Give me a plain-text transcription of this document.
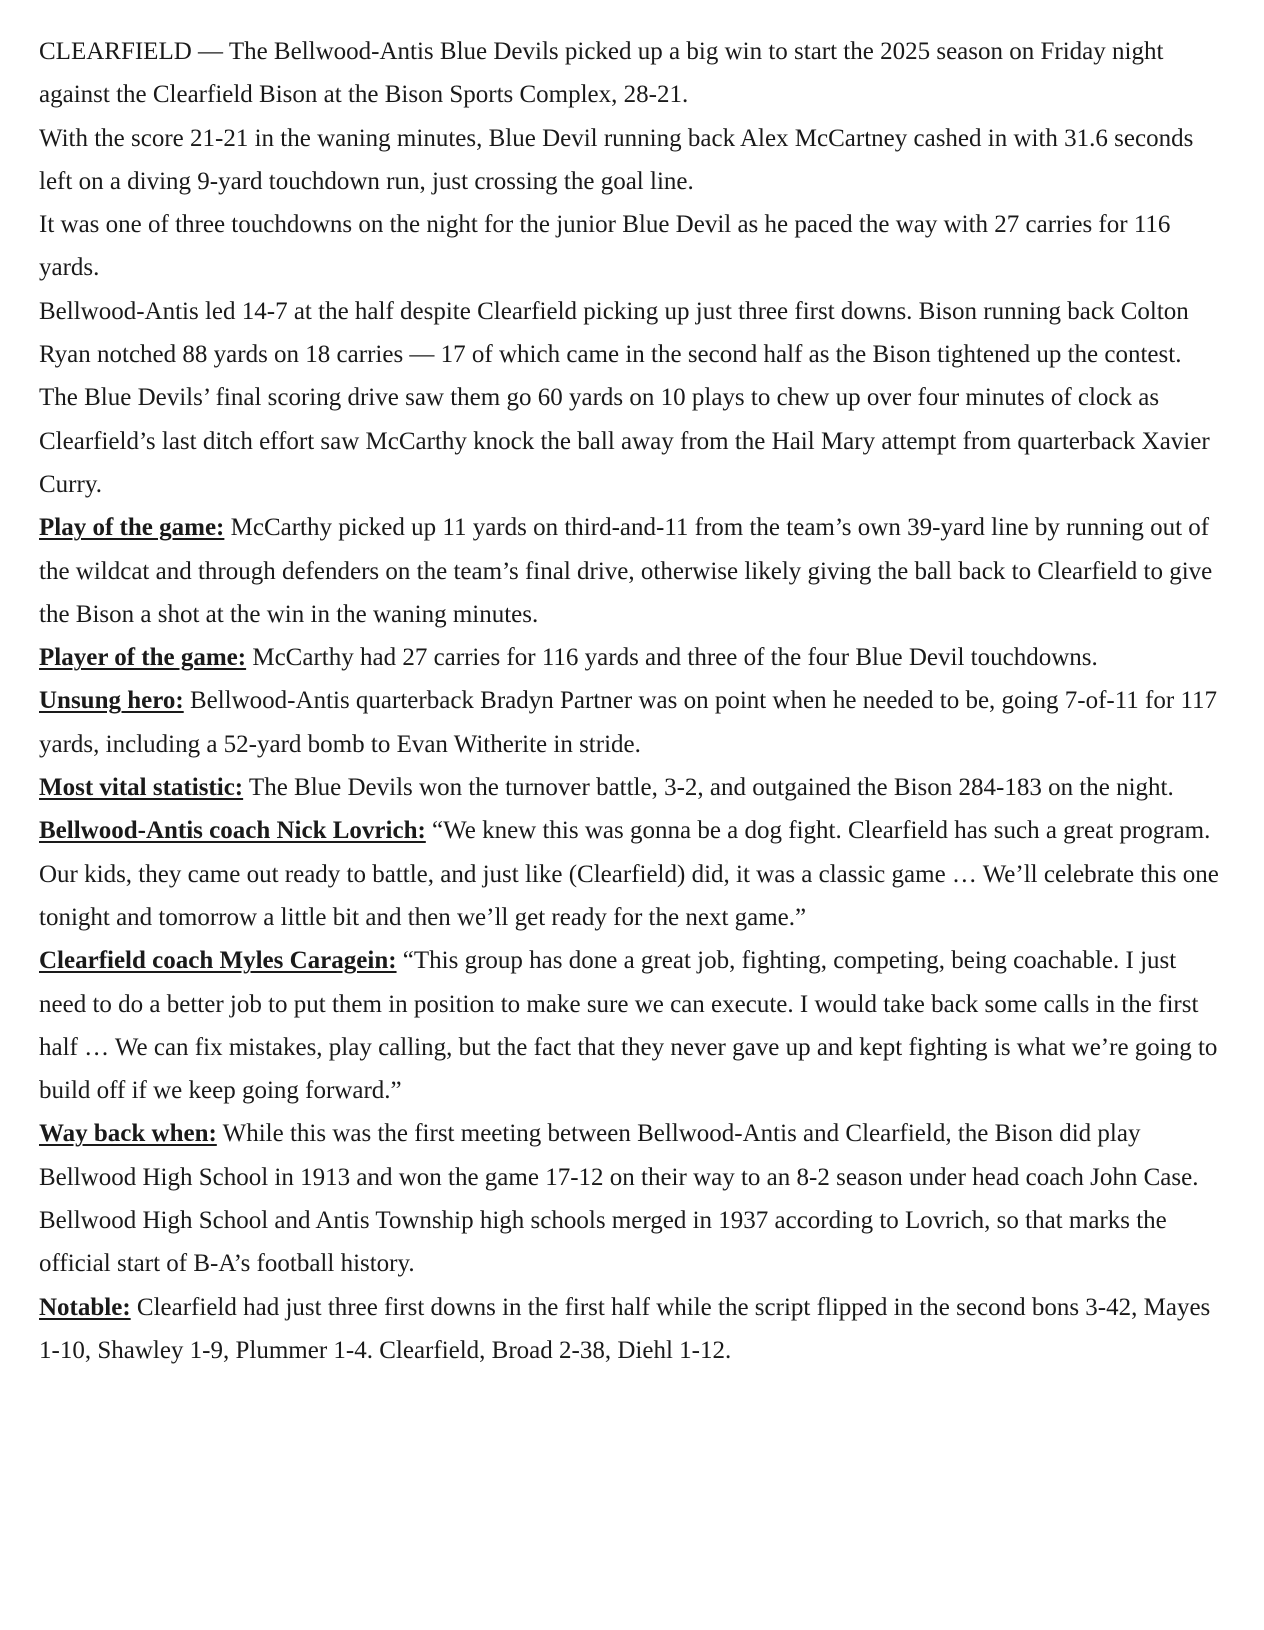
CLEARFIELD — The Bellwood-Antis Blue Devils picked up a big win to start the 2025 season on Friday night against the Clearfield Bison at the Bison Sports Complex, 28-21.

With the score 21-21 in the waning minutes, Blue Devil running back Alex McCartney cashed in with 31.6 seconds left on a diving 9-yard touchdown run, just crossing the goal line.

It was one of three touchdowns on the night for the junior Blue Devil as he paced the way with 27 carries for 116 yards.

Bellwood-Antis led 14-7 at the half despite Clearfield picking up just three first downs. Bison running back Colton Ryan notched 88 yards on 18 carries — 17 of which came in the second half as the Bison tightened up the contest.

The Blue Devils’ final scoring drive saw them go 60 yards on 10 plays to chew up over four minutes of clock as Clearfield’s last ditch effort saw McCarthy knock the ball away from the Hail Mary attempt from quarterback Xavier Curry.

Play of the game: McCarthy picked up 11 yards on third-and-11 from the team’s own 39-yard line by running out of the wildcat and through defenders on the team’s final drive, otherwise likely giving the ball back to Clearfield to give the Bison a shot at the win in the waning minutes.

Player of the game: McCarthy had 27 carries for 116 yards and three of the four Blue Devil touchdowns.

Unsung hero: Bellwood-Antis quarterback Bradyn Partner was on point when he needed to be, going 7-of-11 for 117 yards, including a 52-yard bomb to Evan Witherite in stride.

Most vital statistic: The Blue Devils won the turnover battle, 3-2, and outgained the Bison 284-183 on the night.

Bellwood-Antis coach Nick Lovrich: “We knew this was gonna be a dog fight. Clearfield has such a great program. Our kids, they came out ready to battle, and just like (Clearfield) did, it was a classic game … We’ll celebrate this one tonight and tomorrow a little bit and then we’ll get ready for the next game.”

Clearfield coach Myles Caragein: “This group has done a great job, fighting, competing, being coachable. I just need to do a better job to put them in position to make sure we can execute. I would take back some calls in the first half … We can fix mistakes, play calling, but the fact that they never gave up and kept fighting is what we’re going to build off if we keep going forward.”

Way back when: While this was the first meeting between Bellwood-Antis and Clearfield, the Bison did play Bellwood High School in 1913 and won the game 17-12 on their way to an 8-2 season under head coach John Case. Bellwood High School and Antis Township high schools merged in 1937 according to Lovrich, so that marks the official start of B-A’s football history.

Notable: Clearfield had just three first downs in the first half while the script flipped in the second bons 3-42, Mayes 1-10, Shawley 1-9, Plummer 1-4. Clearfield, Broad 2-38, Diehl 1-12.
